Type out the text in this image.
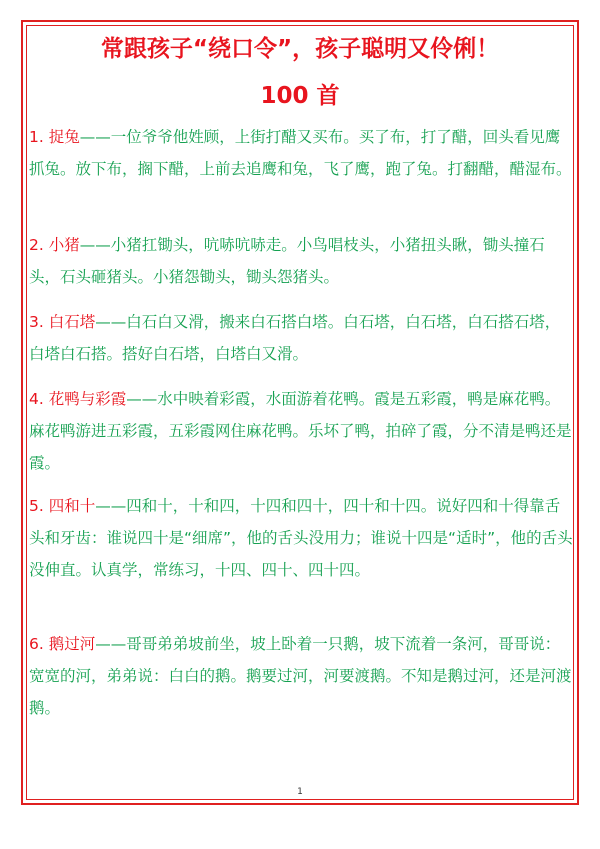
常跟孩子“绕口令”，孩子聪明又伶俐！
100 首

1. 捉兔——一位爷爷他姓顾，上街打醋又买布。买了布，打了醋，回头看见鹰抓兔。放下布，搁下醋，上前去追鹰和兔，飞了鹰，跑了兔。打翻醋，醋湿布。

2. 小猪——小猪扛锄头，吭哧吭哧走。小鸟唱枝头，小猪扭头瞅，锄头撞石头，石头砸猪头。小猪怨锄头，锄头怨猪头。

3. 白石塔——白石白又滑，搬来白石搭白塔。白石塔，白石塔，白石搭石塔，白塔白石搭。搭好白石塔，白塔白又滑。

4. 花鸭与彩霞——水中映着彩霞，水面游着花鸭。霞是五彩霞，鸭是麻花鸭。麻花鸭游进五彩霞，五彩霞网住麻花鸭。乐坏了鸭，拍碎了霞，分不清是鸭还是霞。

5. 四和十——四和十，十和四，十四和四十，四十和十四。说好四和十得靠舌头和牙齿：谁说四十是“细席”，他的舌头没用力；谁说十四是“适时”，他的舌头没伸直。认真学，常练习，十四、四十、四十四。

6. 鹅过河——哥哥弟弟坡前坐，坡上卧着一只鹅，坡下流着一条河，哥哥说：宽宽的河，弟弟说：白白的鹅。鹅要过河，河要渡鹅。不知是鹅过河，还是河渡鹅。

1
